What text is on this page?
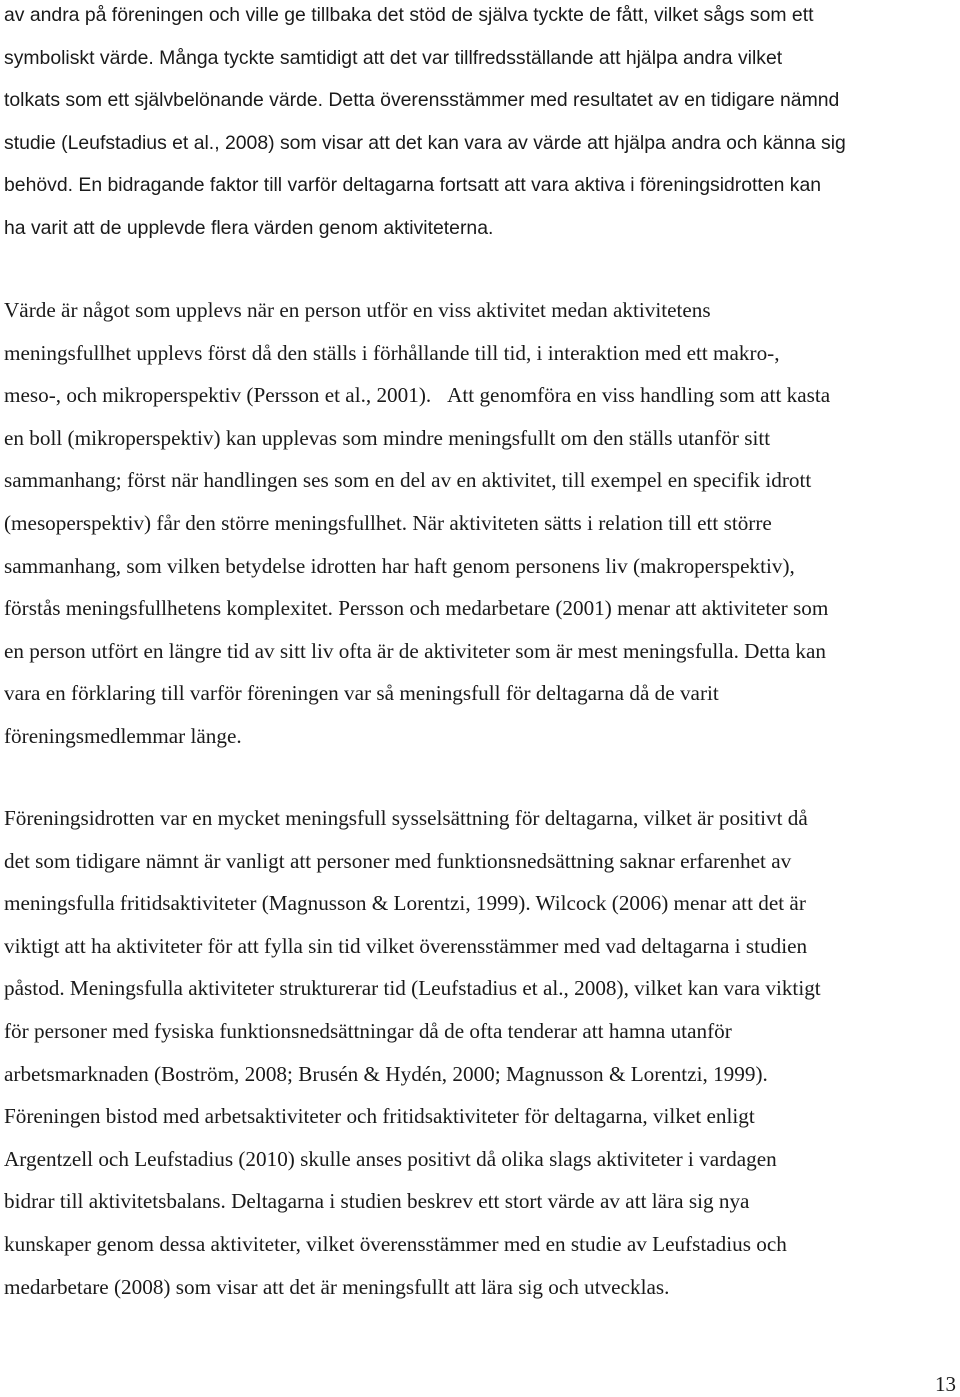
av andra på föreningen och ville ge tillbaka det stöd de själva tyckte de fått, vilket sågs som ett
symboliskt värde. Många tyckte samtidigt att det var tillfredsställande att hjälpa andra vilket
tolkats som ett självbelönande värde. Detta överensstämmer med resultatet av en tidigare nämnd
studie (Leufstadius et al., 2008) som visar att det kan vara av värde att hjälpa andra och känna sig
behövd. En bidragande faktor till varför deltagarna fortsatt att vara aktiva i föreningsidrotten kan
ha varit att de upplevde flera värden genom aktiviteterna.
Värde är något som upplevs när en person utför en viss aktivitet medan aktivitetens
meningsfullhet upplevs först då den ställs i förhållande till tid, i interaktion med ett makro-,
meso-, och mikroperspektiv (Persson et al., 2001). Att genomföra en viss handling som att kasta
en boll (mikroperspektiv) kan upplevas som mindre meningsfullt om den ställs utanför sitt
sammanhang; först när handlingen ses som en del av en aktivitet, till exempel en specifik idrott
(mesoperspektiv) får den större meningsfullhet. När aktiviteten sätts i relation till ett större
sammanhang, som vilken betydelse idrotten har haft genom personens liv (makroperspektiv),
förstås meningsfullhetens komplexitet. Persson och medarbetare (2001) menar att aktiviteter som
en person utfört en längre tid av sitt liv ofta är de aktiviteter som är mest meningsfulla. Detta kan
vara en förklaring till varför föreningen var så meningsfull för deltagarna då de varit
föreningsmedlemmar länge.
Föreningsidrotten var en mycket meningsfull sysselsättning för deltagarna, vilket är positivt då
det som tidigare nämnt är vanligt att personer med funktionsnedsättning saknar erfarenhet av
meningsfulla fritidsaktiviteter (Magnusson & Lorentzi, 1999). Wilcock (2006) menar att det är
viktigt att ha aktiviteter för att fylla sin tid vilket överensstämmer med vad deltagarna i studien
påstod. Meningsfulla aktiviteter strukturerar tid (Leufstadius et al., 2008), vilket kan vara viktigt
för personer med fysiska funktionsnedsättningar då de ofta tenderar att hamna utanför
arbetsmarknaden (Boström, 2008; Brusén & Hydén, 2000; Magnusson & Lorentzi, 1999).
Föreningen bistod med arbetsaktiviteter och fritidsaktiviteter för deltagarna, vilket enligt
Argentzell och Leufstadius (2010) skulle anses positivt då olika slags aktiviteter i vardagen
bidrar till aktivitetsbalans. Deltagarna i studien beskrev ett stort värde av att lära sig nya
kunskaper genom dessa aktiviteter, vilket överensstämmer med en studie av Leufstadius och
medarbetare (2008) som visar att det är meningsfullt att lära sig och utvecklas.
13
